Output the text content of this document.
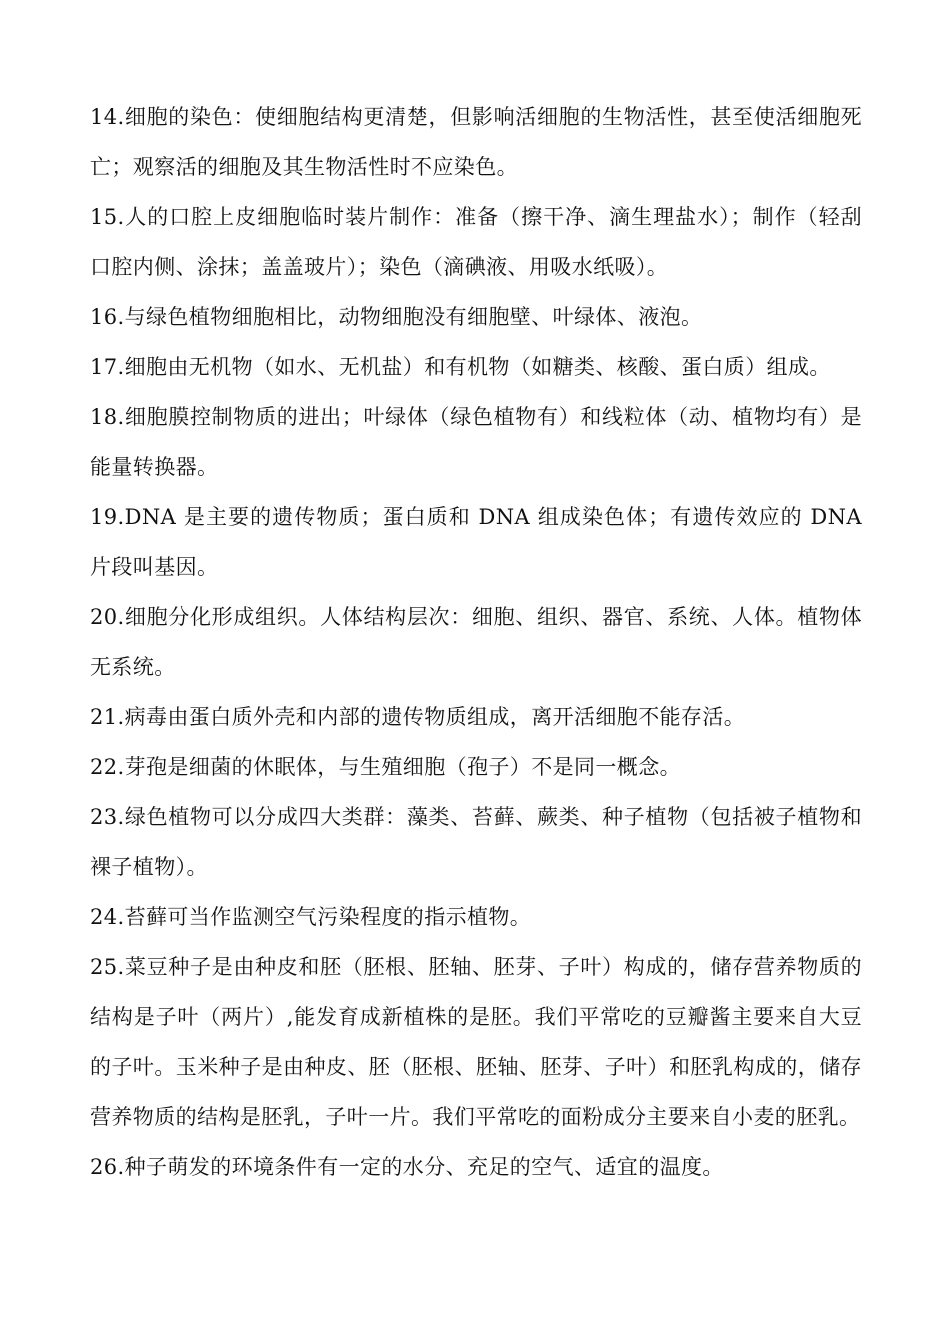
14.细胞的染色：使细胞结构更清楚，但影响活细胞的生物活性，甚至使活细胞死亡；观察活的细胞及其生物活性时不应染色。

15.人的口腔上皮细胞临时装片制作：准备（擦干净、滴生理盐水）；制作（轻刮口腔内侧、涂抹；盖盖玻片）；染色（滴碘液、用吸水纸吸）。

16.与绿色植物细胞相比，动物细胞没有细胞壁、叶绿体、液泡。

17.细胞由无机物（如水、无机盐）和有机物（如糖类、核酸、蛋白质）组成。

18.细胞膜控制物质的进出；叶绿体（绿色植物有）和线粒体（动、植物均有）是能量转换器。

19.DNA 是主要的遗传物质；蛋白质和 DNA 组成染色体；有遗传效应的 DNA 片段叫基因。

20.细胞分化形成组织。人体结构层次：细胞、组织、器官、系统、人体。植物体无系统。

21.病毒由蛋白质外壳和内部的遗传物质组成，离开活细胞不能存活。

22.芽孢是细菌的休眠体，与生殖细胞（孢子）不是同一概念。

23.绿色植物可以分成四大类群：藻类、苔藓、蕨类、种子植物（包括被子植物和裸子植物）。

24.苔藓可当作监测空气污染程度的指示植物。

25.菜豆种子是由种皮和胚（胚根、胚轴、胚芽、子叶）构成的，储存营养物质的结构是子叶（两片）,能发育成新植株的是胚。我们平常吃的豆瓣酱主要来自大豆的子叶。玉米种子是由种皮、胚（胚根、胚轴、胚芽、子叶）和胚乳构成的，储存营养物质的结构是胚乳，子叶一片。我们平常吃的面粉成分主要来自小麦的胚乳。

26.种子萌发的环境条件有一定的水分、充足的空气、适宜的温度。
